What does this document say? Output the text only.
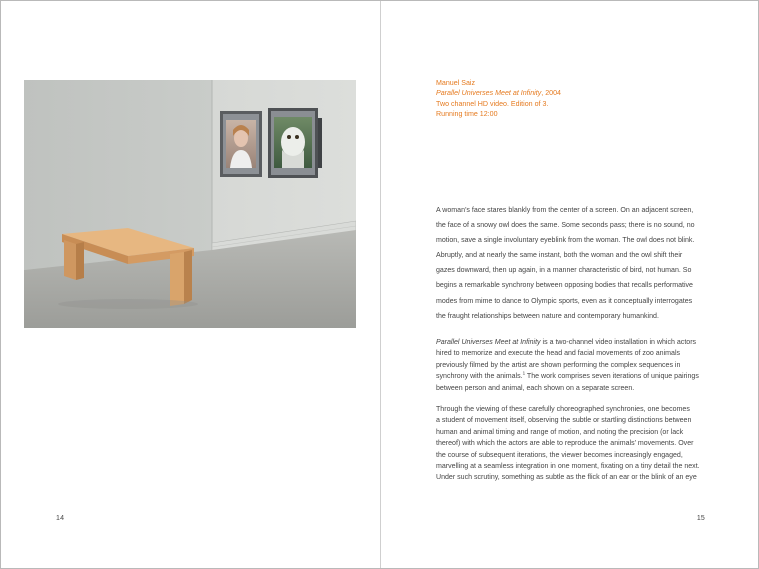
14
Manuel Saiz
Parallel Universes Meet at Infinity, 2004
Two channel HD video. Edition of 3.
Running time 12:00
A woman’s face stares blankly from the center of a screen. On an adjacent screen,
the face of a snowy owl does the same. Some seconds pass; there is no sound, no
motion, save a single involuntary eyeblink from the woman. The owl does not blink.
Abruptly, and at nearly the same instant, both the woman and the owl shift their
gazes downward, then up again, in a manner characteristic of bird, not human. So
begins a remarkable synchrony between opposing bodies that recalls performative
modes from mime to dance to Olympic sports, even as it conceptually interrogates
the fraught relationships between nature and contemporary humankind.
Parallel Universes Meet at Infinity is a two-channel video installation in which actors
hired to memorize and execute the head and facial movements of zoo animals
previously filmed by the artist are shown performing the complex sequences in
synchrony with the animals.$^1$ The work comprises seven iterations of unique pairings
between person and animal, each shown on a separate screen.
Through the viewing of these carefully choreographed synchronies, one becomes
a student of movement itself, observing the subtle or startling distinctions between
human and animal timing and range of motion, and noting the precision (or lack
thereof) with which the actors are able to reproduce the animals’ movements. Over
the course of subsequent iterations, the viewer becomes increasingly engaged,
marvelling at a seamless integration in one moment, fixating on a tiny detail the next.
Under such scrutiny, something as subtle as the flick of an ear or the blink of an eye
15
